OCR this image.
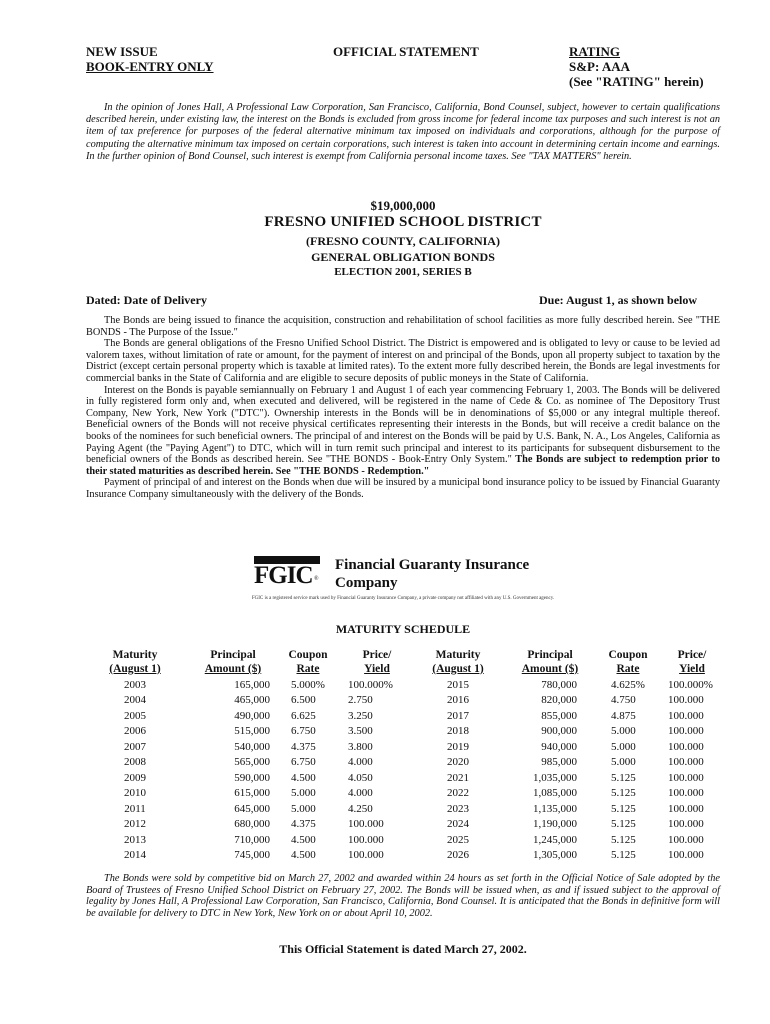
NEW ISSUE
BOOK-ENTRY ONLY
OFFICIAL STATEMENT	RATING
S&P: AAA
(See "RATING" herein)
In the opinion of Jones Hall, A Professional Law Corporation, San Francisco, California, Bond Counsel, subject, however to certain qualifications described herein, under existing law, the interest on the Bonds is excluded from gross income for federal income tax purposes and such interest is not an item of tax preference for purposes of the federal alternative minimum tax imposed on individuals and corporations, although for the purpose of computing the alternative minimum tax imposed on certain corporations, such interest is taken into account in determining certain income and earnings. In the further opinion of Bond Counsel, such interest is exempt from California personal income taxes. See "TAX MATTERS" herein.
$19,000,000
FRESNO UNIFIED SCHOOL DISTRICT
(FRESNO COUNTY, CALIFORNIA)
GENERAL OBLIGATION BONDS
ELECTION 2001, SERIES B
Dated: Date of Delivery	Due: August 1, as shown below

The Bonds are being issued to finance the acquisition, construction and rehabilitation of school facilities as more fully described herein. See "THE BONDS - The Purpose of the Issue."

The Bonds are general obligations of the Fresno Unified School District. The District is empowered and is obligated to levy or cause to be levied ad valorem taxes, without limitation of rate or amount, for the payment of interest on and principal of the Bonds, upon all property subject to taxation by the District (except certain personal property which is taxable at limited rates). To the extent more fully described herein, the Bonds are legal investments for commercial banks in the State of California and are eligible to secure deposits of public moneys in the State of California.

Interest on the Bonds is payable semiannually on February 1 and August 1 of each year commencing February 1, 2003. The Bonds will be delivered in fully registered form only and, when executed and delivered, will be registered in the name of Cede & Co. as nominee of The Depository Trust Company, New York, New York ("DTC"). Ownership interests in the Bonds will be in denominations of $5,000 or any integral multiple thereof. Beneficial owners of the Bonds will not receive physical certificates representing their interests in the Bonds, but will receive a credit balance on the books of the nominees for such beneficial owners. The principal of and interest on the Bonds will be paid by U.S. Bank, N. A., Los Angeles, California as Paying Agent (the "Paying Agent") to DTC, which will in turn remit such principal and interest to its participants for subsequent disbursement to the beneficial owners of the Bonds as described herein. See "THE BONDS - Book-Entry Only System." The Bonds are subject to redemption prior to their stated maturities as described herein. See "THE BONDS - Redemption."

Payment of principal of and interest on the Bonds when due will be insured by a municipal bond insurance policy to be issued by Financial Guaranty Insurance Company simultaneously with the delivery of the Bonds.

FGIC ®
Financial Guaranty Insurance
Company
FGIC is a registered service mark used by Financial Guaranty Insurance Company, a private company not affiliated with any U.S. Government agency.
MATURITY SCHEDULE
Maturity
(August 1)
Principal
Amount ($)
Coupon
Rate
Price/
Yield
Maturity
(August 1)
Principal
Amount ($)
Coupon
Rate
Price/
Yield
2003
2004
2005
2006
2007
2008
2009
2010
2011
2012
2013
2014
165,000
465,000
490,000
515,000
540,000
565,000
590,000
615,000
645,000
680,000
710,000
745,000
5.000%
6.500
6.625
6.750
4.375
6.750
4.500
5.000
5.000
4.375
4.500
4.500
100.000%
2.750
3.250
3.500
3.800
4.000
4.050
4.000
4.250
100.000
100.000
100.000
2015
2016
2017
2018
2019
2020
2021
2022
2023
2024
2025
2026
780,000
820,000
855,000
900,000
940,000
985,000
1,035,000
1,085,000
1,135,000
1,190,000
1,245,000
1,305,000
4.625%
4.750
4.875
5.000
5.000
5.000
5.125
5.125
5.125
5.125
5.125
5.125
100.000%
100.000
100.000
100.000
100.000
100.000
100.000
100.000
100.000
100.000
100.000
100.000
The Bonds were sold by competitive bid on March 27, 2002 and awarded within 24 hours as set forth in the Official Notice of Sale adopted by the Board of Trustees of Fresno Unified School District on February 27, 2002. The Bonds will be issued when, as and if issued subject to the approval of legality by Jones Hall, A Professional Law Corporation, San Francisco, California, Bond Counsel. It is anticipated that the Bonds in definitive form will be available for delivery to DTC in New York, New York on or about April 10, 2002.
This Official Statement is dated March 27, 2002.
